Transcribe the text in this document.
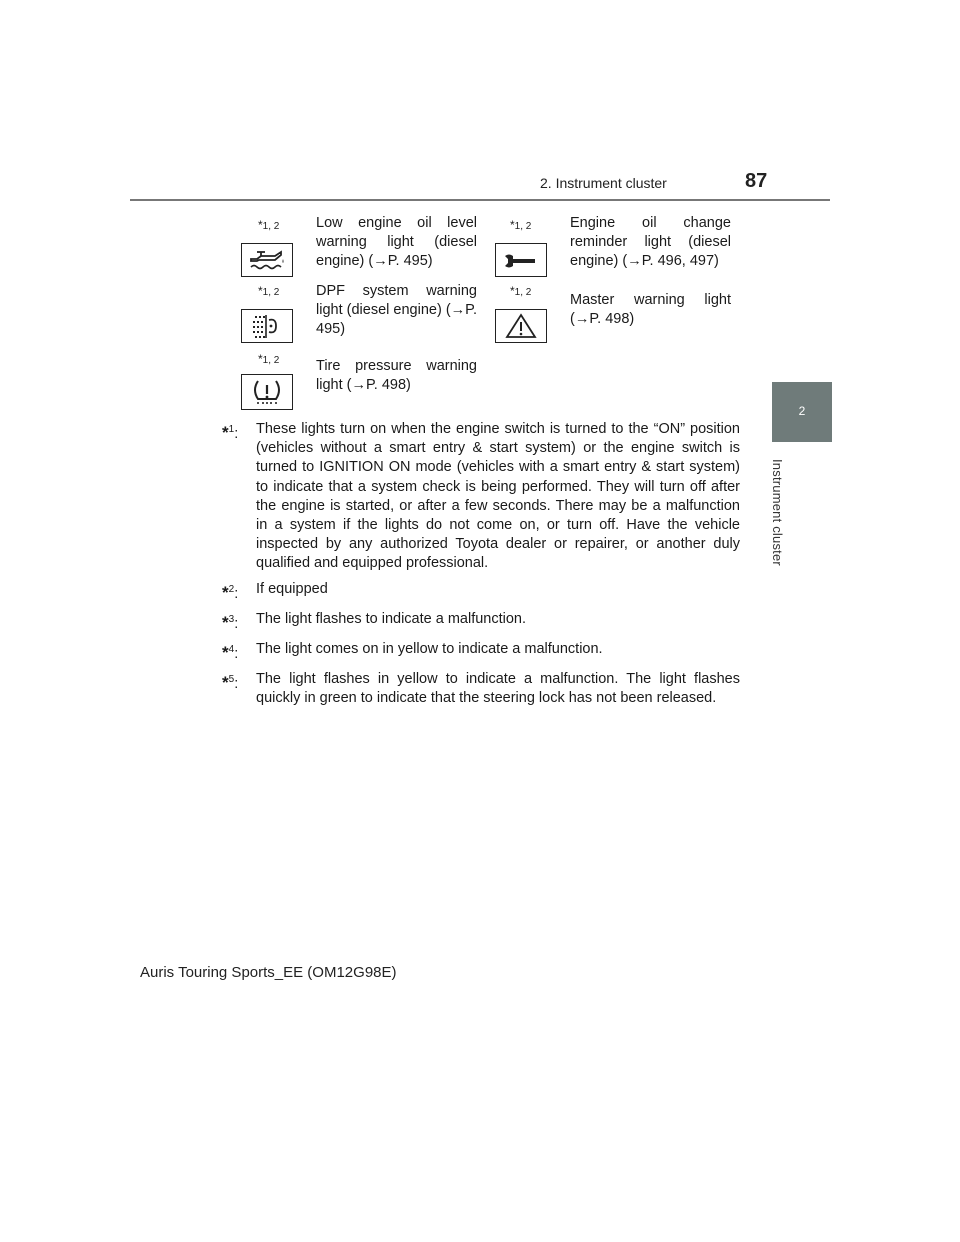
2. Instrument cluster	87
2
Instrument cluster
*1, 2	Low engine oil level warning light (diesel engine) (→P. 495)
*1, 2	Engine oil change reminder light (diesel engine) (→P. 496, 497)
*1, 2	DPF system warning light (diesel engine) (→P. 495)
*1, 2	Master warning light (→P. 498)
*1, 2	Tire pressure warning light (→P. 498)
*$^1$:	These lights turn on when the engine switch is turned to the “ON” position (vehicles without a smart entry & start system) or the engine switch is turned to IGNITION ON mode (vehicles with a smart entry & start system) to indicate that a system check is being performed. They will turn off after the engine is started, or after a few seconds. There may be a malfunction in a system if the lights do not come on, or turn off. Have the vehicle inspected by any authorized Toyota dealer or repairer, or another duly qualified and equipped professional.
*$^2$:	If equipped
*$^3$:	The light flashes to indicate a malfunction.
*$^4$:	The light comes on in yellow to indicate a malfunction.
*$^5$:	The light flashes in yellow to indicate a malfunction. The light flashes quickly in green to indicate that the steering lock has not been released.
Auris Touring Sports_EE (OM12G98E)
